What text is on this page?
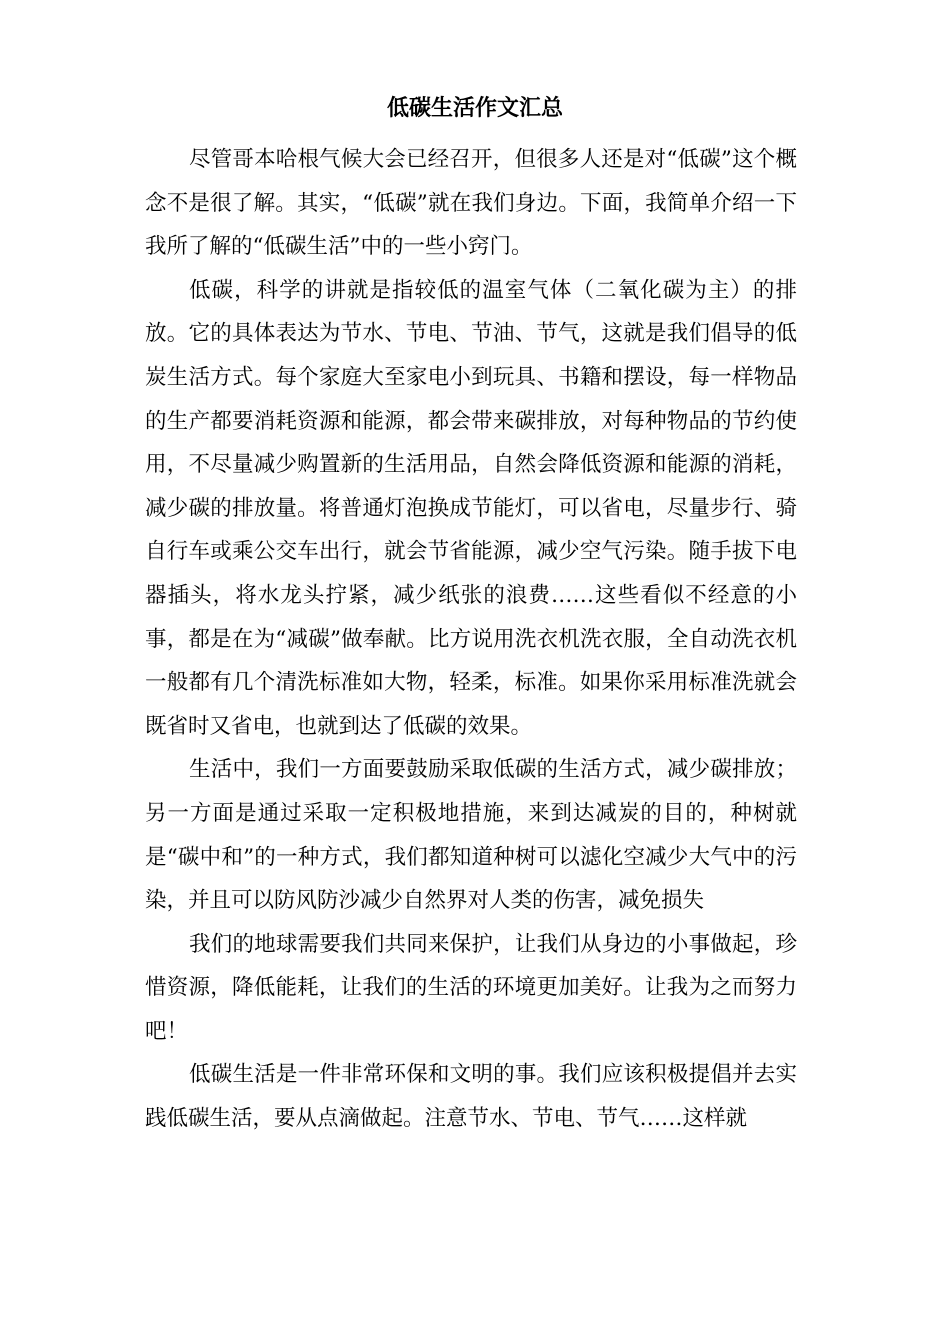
低碳生活作文汇总

尽管哥本哈根气候大会已经召开，但很多人还是对“低碳”这个概念不是很了解。其实，“低碳”就在我们身边。下面，我简单介绍一下我所了解的“低碳生活”中的一些小窍门。

低碳，科学的讲就是指较低的温室气体（二氧化碳为主）的排放。它的具体表达为节水、节电、节油、节气，这就是我们倡导的低炭生活方式。每个家庭大至家电小到玩具、书籍和摆设，每一样物品的生产都要消耗资源和能源，都会带来碳排放，对每种物品的节约使用，不尽量减少购置新的生活用品，自然会降低资源和能源的消耗，减少碳的排放量。将普通灯泡换成节能灯，可以省电，尽量步行、骑自行车或乘公交车出行，就会节省能源，减少空气污染。随手拔下电器插头，将水龙头拧紧，减少纸张的浪费……这些看似不经意的小事，都是在为“减碳”做奉献。比方说用洗衣机洗衣服，全自动洗衣机一般都有几个清洗标准如大物，轻柔，标准。如果你采用标准洗就会既省时又省电，也就到达了低碳的效果。

生活中，我们一方面要鼓励采取低碳的生活方式，减少碳排放；另一方面是通过采取一定积极地措施，来到达减炭的目的，种树就是“碳中和”的一种方式，我们都知道种树可以滤化空减少大气中的污染，并且可以防风防沙减少自然界对人类的伤害，减免损失

我们的地球需要我们共同来保护，让我们从身边的小事做起，珍惜资源，降低能耗，让我们的生活的环境更加美好。让我为之而努力吧！

低碳生活是一件非常环保和文明的事。我们应该积极提倡并去实践低碳生活，要从点滴做起。注意节水、节电、节气……这样就
